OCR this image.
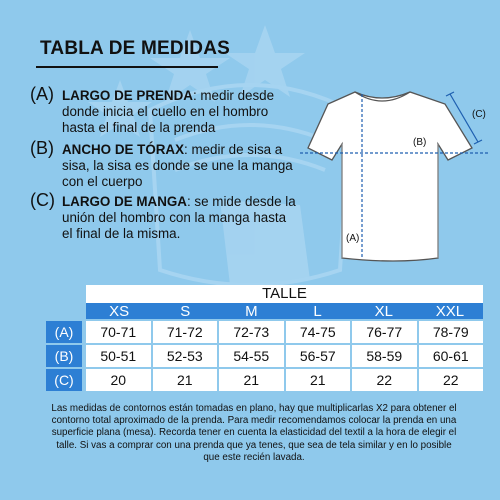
TABLA DE MEDIDAS
(A) LARGO DE PRENDA: medir desde donde inicia el cuello en el hombro hasta el final de la prenda
(B) ANCHO DE TÓRAX: medir de sisa a sisa, la sisa es donde se une la manga con el cuerpo
(C) LARGO DE MANGA: se mide desde la unión del hombro con la manga hasta el final de la misma.
(C)
(B)
(A)
TALLE
XS	S	M	L	XL	XXL
(A)	70-71	71-72	72-73	74-75	76-77	78-79
(B)	50-51	52-53	54-55	56-57	58-59	60-61
(C)	20	21	21	21	22	22
Las medidas de contornos están tomadas en plano, hay que multiplicarlas X2 para obtener el contorno total aproximado de la prenda. Para medir recomendamos colocar la prenda en una superficie plana (mesa). Recorda tener en cuenta la elasticidad del textil a la hora de elegir el talle. Si vas a comprar con una prenda que ya tenes, que sea de tela similar y en lo posible que este recién lavada.
